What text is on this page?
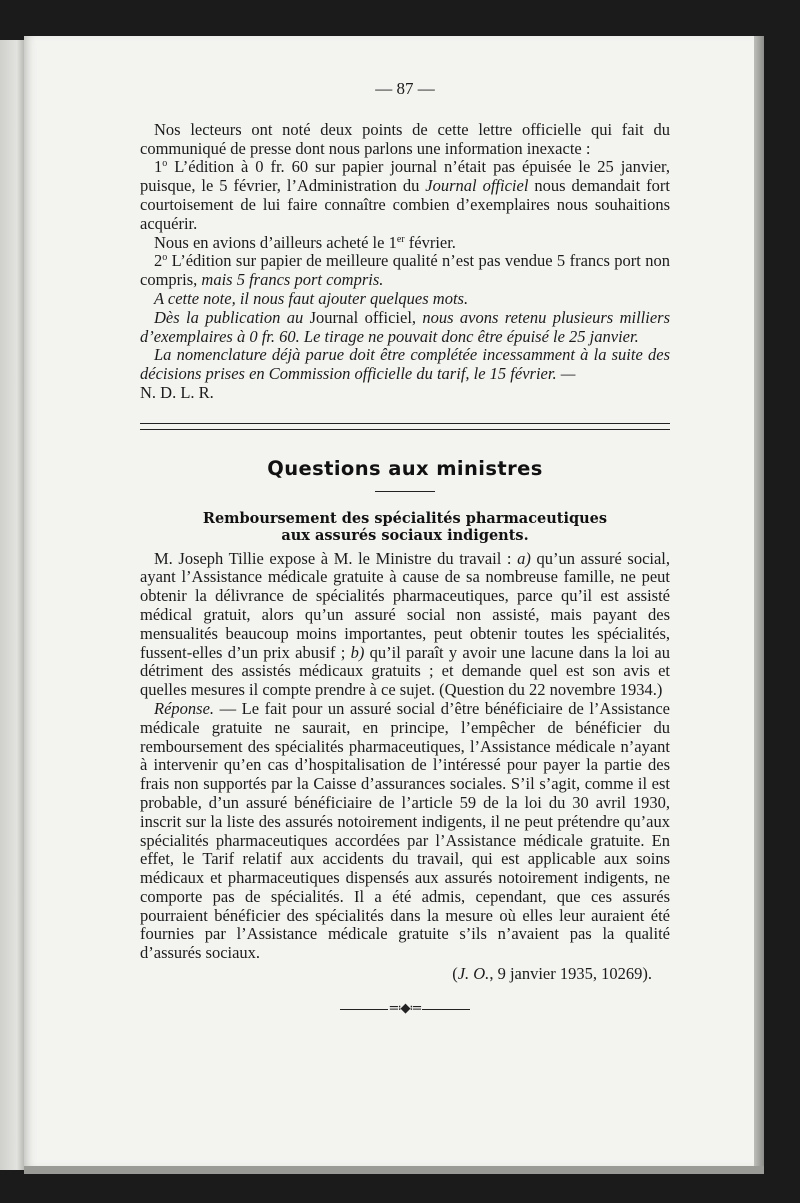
— 87 —

Nos lecteurs ont noté deux points de cette lettre officielle qui fait du communiqué de presse dont nous parlons une information inexacte :

1$^o$ L’édition à 0 fr. 60 sur papier journal n’était pas épuisée le 25 janvier, puisque, le 5 février, l’Administration du Journal officiel nous demandait fort courtoisement de lui faire connaître combien d’exemplaires nous souhaitions acquérir.

Nous en avions d’ailleurs acheté le 1er février.

2$^o$ L’édition sur papier de meilleure qualité n’est pas vendue 5 francs port non compris, mais 5 francs port compris.

A cette note, il nous faut ajouter quelques mots.

Dès la publication au Journal officiel, nous avons retenu plusieurs milliers d’exemplaires à 0 fr. 60. Le tirage ne pouvait donc être épuisé le 25 janvier.

La nomenclature déjà parue doit être complétée incessamment à la suite des décisions prises en Commission officielle du tarif, le 15 février. —

N. D. L. R.

Questions aux ministres
Remboursement des spécialités pharmaceutiques
aux assurés sociaux indigents.

M. Joseph Tillie expose à M. le Ministre du travail : a) qu’un assuré social, ayant l’Assistance médicale gratuite à cause de sa nombreuse famille, ne peut obtenir la délivrance de spécialités pharmaceutiques, parce qu’il est assisté médical gratuit, alors qu’un assuré social non assisté, mais payant des mensualités beaucoup moins importantes, peut obtenir toutes les spécialités, fussent-elles d’un prix abusif ; b) qu’il paraît y avoir une lacune dans la loi au détriment des assistés médicaux gratuits ; et demande quel est son avis et quelles mesures il compte prendre à ce sujet. (Question du 22 novembre 1934.)

Réponse. — Le fait pour un assuré social d’être bénéficiaire de l’Assistance médicale gratuite ne saurait, en principe, l’empêcher de bénéficier du remboursement des spécialités pharmaceutiques, l’Assistance médicale n’ayant à intervenir qu’en cas d’hospitalisation de l’intéressé pour payer la partie des frais non supportés par la Caisse d’assurances sociales. S’il s’agit, comme il est probable, d’un assuré bénéficiaire de l’article 59 de la loi du 30 avril 1930, inscrit sur la liste des assurés notoirement indigents, il ne peut prétendre qu’aux spécialités pharmaceutiques accordées par l’Assistance médicale gratuite. En effet, le Tarif relatif aux accidents du travail, qui est applicable aux soins médicaux et pharmaceutiques dispensés aux assurés notoirement indigents, ne comporte pas de spécialités. Il a été admis, cependant, que ces assurés pourraient bénéficier des spécialités dans la mesure où elles leur auraient été fournies par l’Assistance médicale gratuite s’ils n’avaient pas la qualité d’assurés sociaux.

(J. O., 9 janvier 1935, 10269).

≕◆≔
